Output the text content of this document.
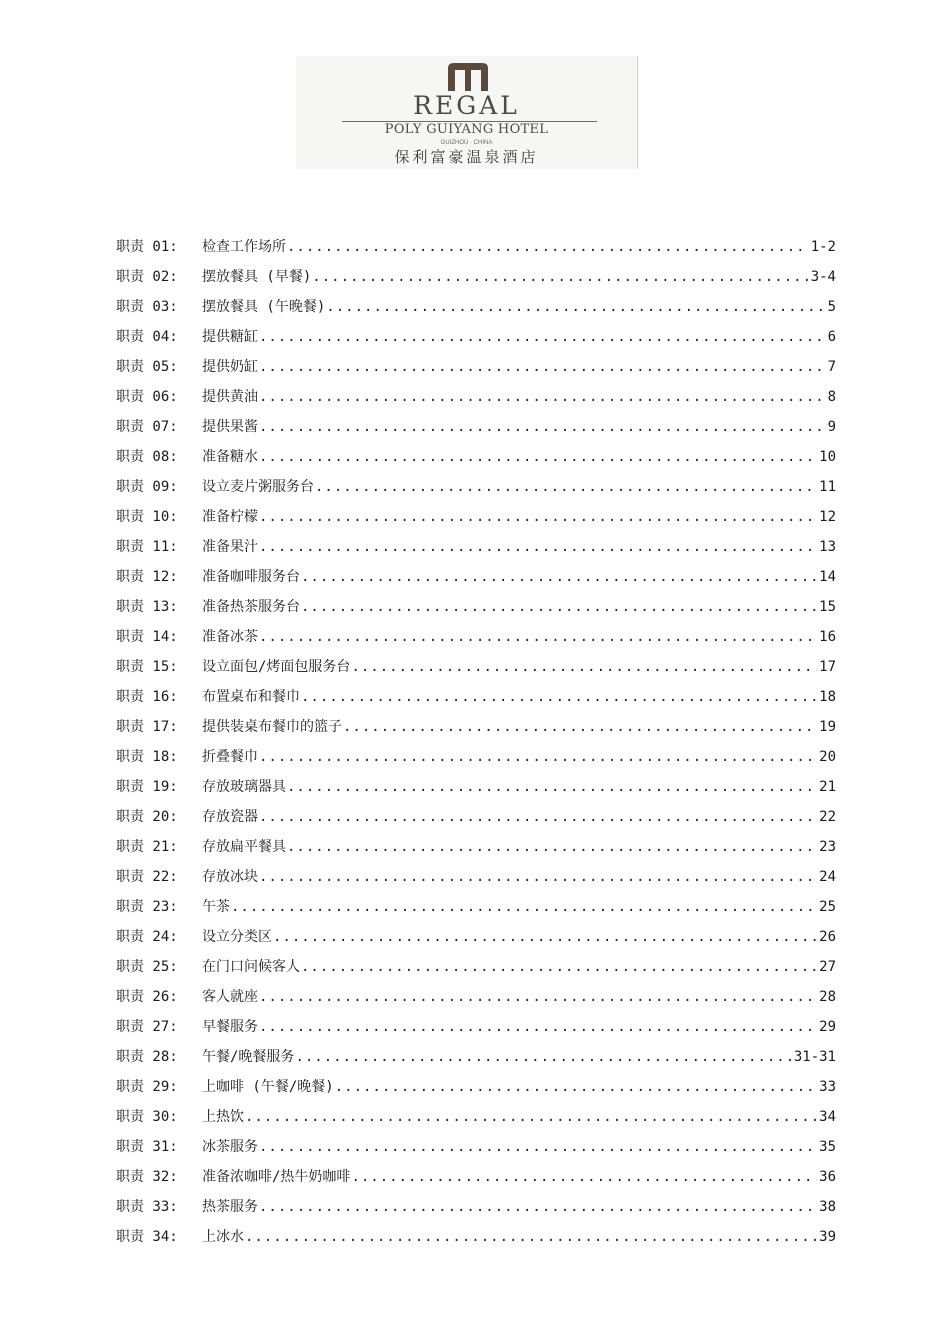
REGAL
POLY GUIYANG HOTEL
GUIZHOU · CHINA
保利富豪温泉酒店
职责 01:	检查工作场所 .....	1-2
职责 02:	摆放餐具 (早餐) .....	3-4
职责 03:	摆放餐具 (午晚餐) .....	5
职责 04:	提供糖缸 .....	6
职责 05:	提供奶缸 .....	7
职责 06:	提供黄油 .....	8
职责 07:	提供果酱 .....	9
职责 08:	准备糖水 .....	10
职责 09:	设立麦片粥服务台 .....	11
职责 10:	准备柠檬 .....	12
职责 11:	准备果汁 .....	13
职责 12:	准备咖啡服务台 .....	14
职责 13:	准备热茶服务台 .....	15
职责 14:	准备冰茶 .....	16
职责 15:	设立面包/烤面包服务台 .....	17
职责 16:	布置桌布和餐巾 .....	18
职责 17:	提供装桌布餐巾的篮子 .....	19
职责 18:	折叠餐巾 .....	20
职责 19:	存放玻璃器具 .....	21
职责 20:	存放瓷器 .....	22
职责 21:	存放扁平餐具 .....	23
职责 22:	存放冰块 .....	24
职责 23:	午茶 .....	25
职责 24:	设立分类区 .....	26
职责 25:	在门口问候客人 .....	27
职责 26:	客人就座 .....	28
职责 27:	早餐服务 .....	29
职责 28:	午餐/晚餐服务 .....	31-31
职责 29:	上咖啡 (午餐/晚餐) .....	33
职责 30:	上热饮 .....	34
职责 31:	冰茶服务 .....	35
职责 32:	准备浓咖啡/热牛奶咖啡 .....	36
职责 33:	热茶服务 .....	38
职责 34:	上冰水 .....	39
